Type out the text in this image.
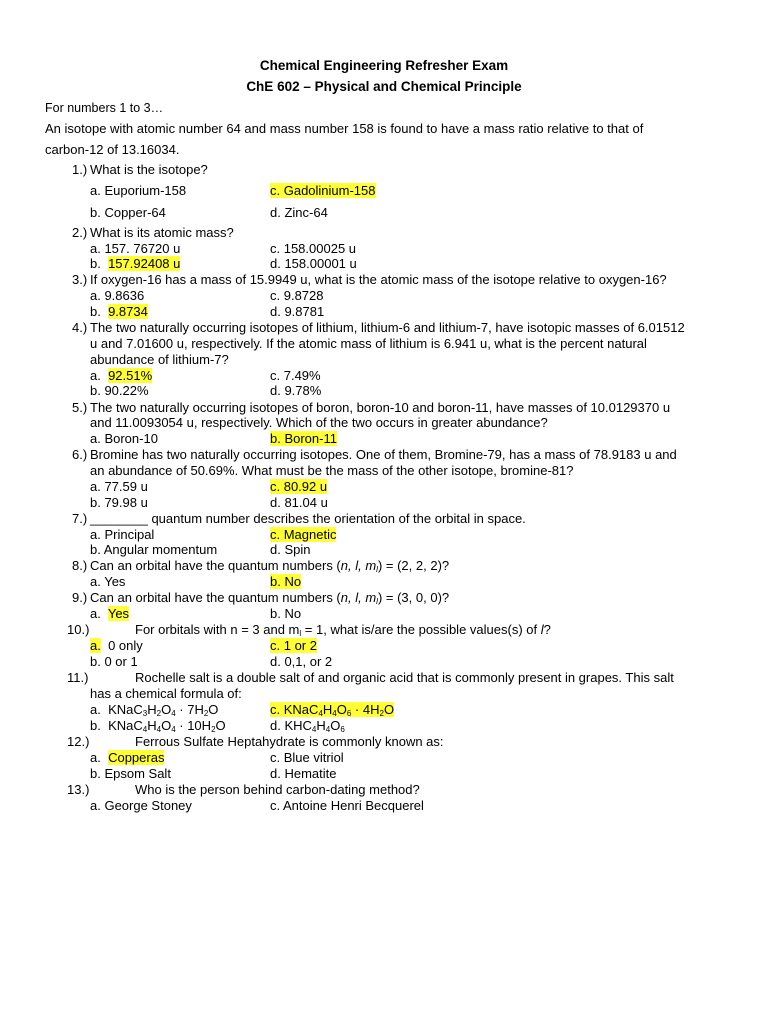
Chemical Engineering Refresher Exam
ChE 602 – Physical and Chemical Principle
For numbers 1 to 3…
An isotope with atomic number 64 and mass number 158 is found to have a mass ratio relative to that of
carbon-12 of 13.16034.
1.) What is the isotope?
a. Euporium-158	c. Gadolinium-158
b. Copper-64	d. Zinc-64
2.) What is its atomic mass?
a. 157. 76720 u	c. 158.00025 u
b. 157.92408 u	d. 158.00001 u
3.) If oxygen-16 has a mass of 15.9949 u, what is the atomic mass of the isotope relative to oxygen-16?
a. 9.8636	c. 9.8728
b. 9.8734	d. 9.8781
4.) The two naturally occurring isotopes of lithium, lithium-6 and lithium-7, have isotopic masses of 6.01512
u and 7.01600 u, respectively. If the atomic mass of lithium is 6.941 u, what is the percent natural
abundance of lithium-7?
a. 92.51%	c. 7.49%
b. 90.22%	d. 9.78%
5.) The two naturally occurring isotopes of boron, boron-10 and boron-11, have masses of 10.0129370 u
and 11.0093054 u, respectively. Which of the two occurs in greater abundance?
a. Boron-10	b. Boron-11
6.) Bromine has two naturally occurring isotopes. One of them, Bromine-79, has a mass of 78.9183 u and
an abundance of 50.69%. What must be the mass of the other isotope, bromine-81?
a. 77.59 u	c. 80.92 u
b. 79.98 u	d. 81.04 u
7.) ________ quantum number describes the orientation of the orbital in space.
a. Principal	c. Magnetic
b. Angular momentum	d. Spin
8.) Can an orbital have the quantum numbers (n, l, $m_l) = (2$, 2, 2)?
a. Yes	b. No
9.) Can an orbital have the quantum numbers (n, l, $m_l) = (3$, 0, 0)?
a. Yes	b. No
10.)	For orbitals with n = 3 and $m_l = 1$, what is/are the possible values(s) of l?
a. 0 only	c. 1 or 2
b. 0 or 1	d. 0,1, or 2
11.)	Rochelle salt is a double salt of and organic acid that is commonly present in grapes. This salt
has a chemical formula of:
a. $KNaC_3H_2O_4 \cdot 7H_2O$	c. $KNaC_4H_4O_6 \cdot 4H_2O$
b. $KNaC_4H_4O_4 \cdot 10H_2O$	d. $KHC_4H_4O_6$
12.)	Ferrous Sulfate Heptahydrate is commonly known as:
a. Copperas	c. Blue vitriol
b. Epsom Salt	d. Hematite
13.)	Who is the person behind carbon-dating method?
a. George Stoney	c. Antoine Henri Becquerel
